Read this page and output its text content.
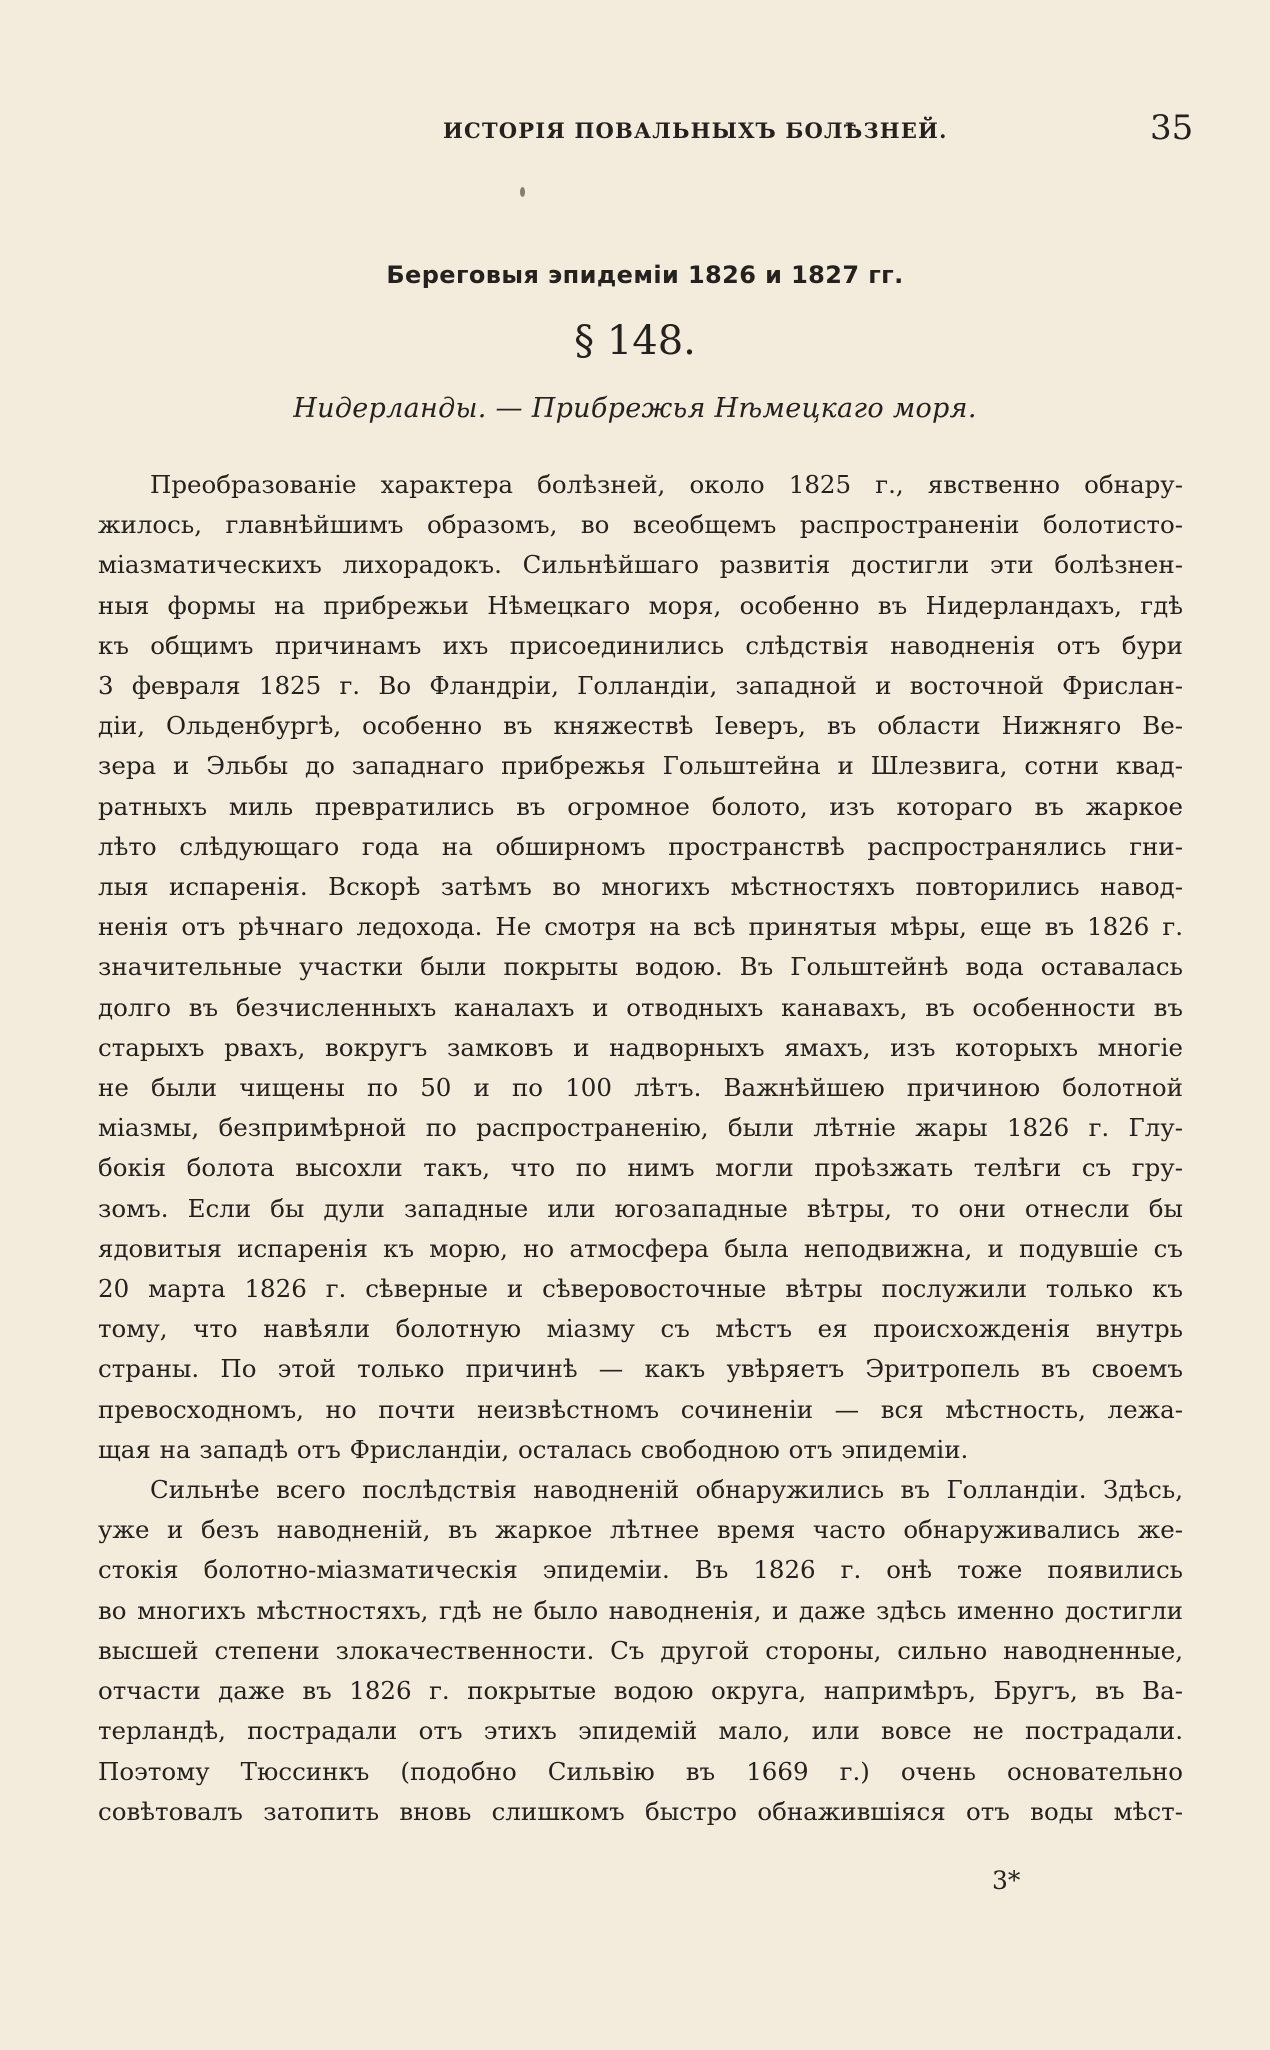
ИСТОРІЯ ПОВАЛЬНЫХЪ БОЛѢЗНЕЙ.	35
Береговыя эпидеміи 1826 и 1827 гг.
§ 148.
Нидерланды. — Прибрежья Нѣмецкаго моря.
Преобразованіе характера болѣзней, около 1825 г., явственно обнару-
жилось, главнѣйшимъ образомъ, во всеобщемъ распространеніи болотисто-
міазматическихъ лихорадокъ. Сильнѣйшаго развитія достигли эти болѣзнен-
ныя формы на прибрежьи Нѣмецкаго моря, особенно въ Нидерландахъ, гдѣ
къ общимъ причинамъ ихъ присоединились слѣдствія наводненія отъ бури
3 февраля 1825 г. Во Фландріи, Голландіи, западной и восточной Фрислан-
діи, Ольденбургѣ, особенно въ княжествѣ Іеверъ, въ области Нижняго Ве-
зера и Эльбы до западнаго прибрежья Гольштейна и Шлезвига, сотни квад-
ратныхъ миль превратились въ огромное болото, изъ котораго въ жаркое
лѣто слѣдующаго года на обширномъ пространствѣ распространялись гни-
лыя испаренія. Вскорѣ затѣмъ во многихъ мѣстностяхъ повторились навод-
ненія отъ рѣчнаго ледохода. Не смотря на всѣ принятыя мѣры, еще въ 1826 г.
значительные участки были покрыты водою. Въ Гольштейнѣ вода оставалась
долго въ безчисленныхъ каналахъ и отводныхъ канавахъ, въ особенности въ
старыхъ рвахъ, вокругъ замковъ и надворныхъ ямахъ, изъ которыхъ многіе
не были чищены по 50 и по 100 лѣтъ. Важнѣйшею причиною болотной
міазмы, безпримѣрной по распространенію, были лѣтніе жары 1826 г. Глу-
бокія болота высохли такъ, что по нимъ могли проѣзжать телѣги съ гру-
зомъ. Если бы дули западные или югозападные вѣтры, то они отнесли бы
ядовитыя испаренія къ морю, но атмосфера была неподвижна, и подувшіе съ
20 марта 1826 г. сѣверные и сѣверовосточные вѣтры послужили только къ
тому, что навѣяли болотную міазму съ мѣстъ ея происхожденія внутрь
страны. По этой только причинѣ — какъ увѣряетъ Эритропель въ своемъ
превосходномъ, но почти неизвѣстномъ сочиненіи — вся мѣстность, лежа-
щая на западѣ отъ Фрисландіи, осталась свободною отъ эпидеміи.
Сильнѣе всего послѣдствія наводненій обнаружились въ Голландіи. Здѣсь,
уже и безъ наводненій, въ жаркое лѣтнее время часто обнаруживались же-
стокія болотно-міазматическія эпидеміи. Въ 1826 г. онѣ тоже появились
во многихъ мѣстностяхъ, гдѣ не было наводненія, и даже здѣсь именно достигли
высшей степени злокачественности. Съ другой стороны, сильно наводненные,
отчасти даже въ 1826 г. покрытые водою округа, напримѣръ, Бругъ, въ Ва-
терландѣ, пострадали отъ этихъ эпидемій мало, или вовсе не пострадали.
Поэтому Тюссинкъ (подобно Сильвію въ 1669 г.) очень основательно
совѣтовалъ затопить вновь слишкомъ быстро обнажившіяся отъ воды мѣст-
3*
